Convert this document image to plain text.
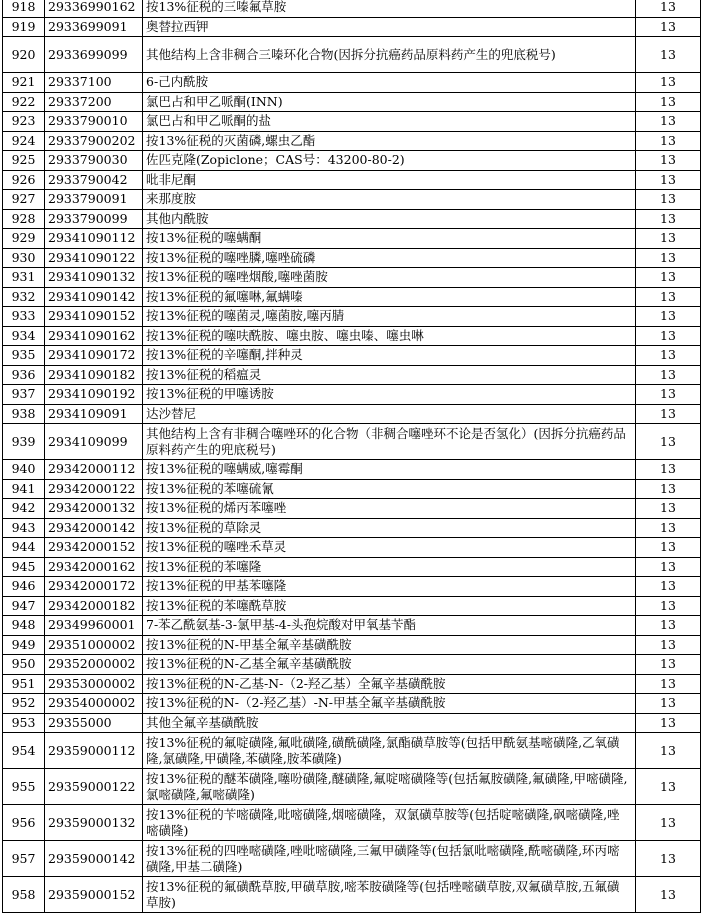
918	29336990162	按13%征税的三嗪氟草胺	13
919	2933699091	奥替拉西钾	13
920	2933699099	其他结构上含非稠合三嗪环化合物(因拆分抗癌药品原料药产生的兜底税号)	13
921	29337100	6-己内酰胺	13
922	29337200	氯巴占和甲乙哌酮(INN)	13
923	2933790010	氯巴占和甲乙哌酮的盐	13
924	29337900202	按13%征税的灭菌磷,螺虫乙酯	13
925	2933790030	佐匹克隆(Zopiclone；CAS号：43200-80-2)	13
926	2933790042	吡非尼酮	13
927	2933790091	来那度胺	13
928	2933790099	其他内酰胺	13
929	29341090112	按13%征税的噻螨酮	13
930	29341090122	按13%征税的噻唑膦,噻唑硫磷	13
931	29341090132	按13%征税的噻唑烟酸,噻唑菌胺	13
932	29341090142	按13%征税的氟噻啉,氟螨嗪	13
933	29341090152	按13%征税的噻菌灵,噻菌胺,噻丙腈	13
934	29341090162	按13%征税的噻呋酰胺、噻虫胺、噻虫嗪、噻虫啉	13
935	29341090172	按13%征税的辛噻酮,拌种灵	13
936	29341090182	按13%征税的稻瘟灵	13
937	29341090192	按13%征税的甲噻诱胺	13
938	2934109091	达沙替尼	13
939	2934109099	其他结构上含有非稠合噻唑环的化合物（非稠合噻唑环不论是否氢化）(因拆分抗癌药品原料药产生的兜底税号)	13
940	29342000112	按13%征税的噻螨威,噻霉酮	13
941	29342000122	按13%征税的苯噻硫氰	13
942	29342000132	按13%征税的烯丙苯噻唑	13
943	29342000142	按13%征税的草除灵	13
944	29342000152	按13%征税的噻唑禾草灵	13
945	29342000162	按13%征税的苯噻隆	13
946	29342000172	按13%征税的甲基苯噻隆	13
947	29342000182	按13%征税的苯噻酰草胺	13
948	29349960001	7-苯乙酰氨基-3-氯甲基-4-头孢烷酸对甲氧基苄酯	13
949	29351000002	按13%征税的N-甲基全氟辛基磺酰胺	13
950	29352000002	按13%征税的N-乙基全氟辛基磺酰胺	13
951	29353000002	按13%征税的N-乙基-N-（2-羟乙基）全氟辛基磺酰胺	13
952	29354000002	按13%征税的N-（2-羟乙基）-N-甲基全氟辛基磺酰胺	13
953	29355000	其他全氟辛基磺酰胺	13
954	29359000112	按13%征税的氟啶磺隆,氟吡磺隆,磺酰磺隆,氯酯磺草胺等(包括甲酰氨基嘧磺隆,乙氧磺隆,氯磺隆,甲磺隆,苯磺隆,胺苯磺隆)	13
955	29359000122	按13%征税的醚苯磺隆,噻吩磺隆,醚磺隆,氟啶嘧磺隆等(包括氟胺磺隆,氟磺隆,甲嘧磺隆,氯嘧磺隆,氟嘧磺隆)	13
956	29359000132	按13%征税的苄嘧磺隆,吡嘧磺隆,烟嘧磺隆，双氯磺草胺等(包括啶嘧磺隆,砜嘧磺隆,唑嘧磺隆)	13
957	29359000142	按13%征税的四唑嘧磺隆,唑吡嘧磺隆,三氟甲磺隆等(包括氯吡嘧磺隆,酰嘧磺隆,环丙嘧磺隆,甲基二磺隆)	13
958	29359000152	按13%征税的氟磺酰草胺,甲磺草胺,嘧苯胺磺隆等(包括唑嘧磺草胺,双氟磺草胺,五氟磺草胺)	13
